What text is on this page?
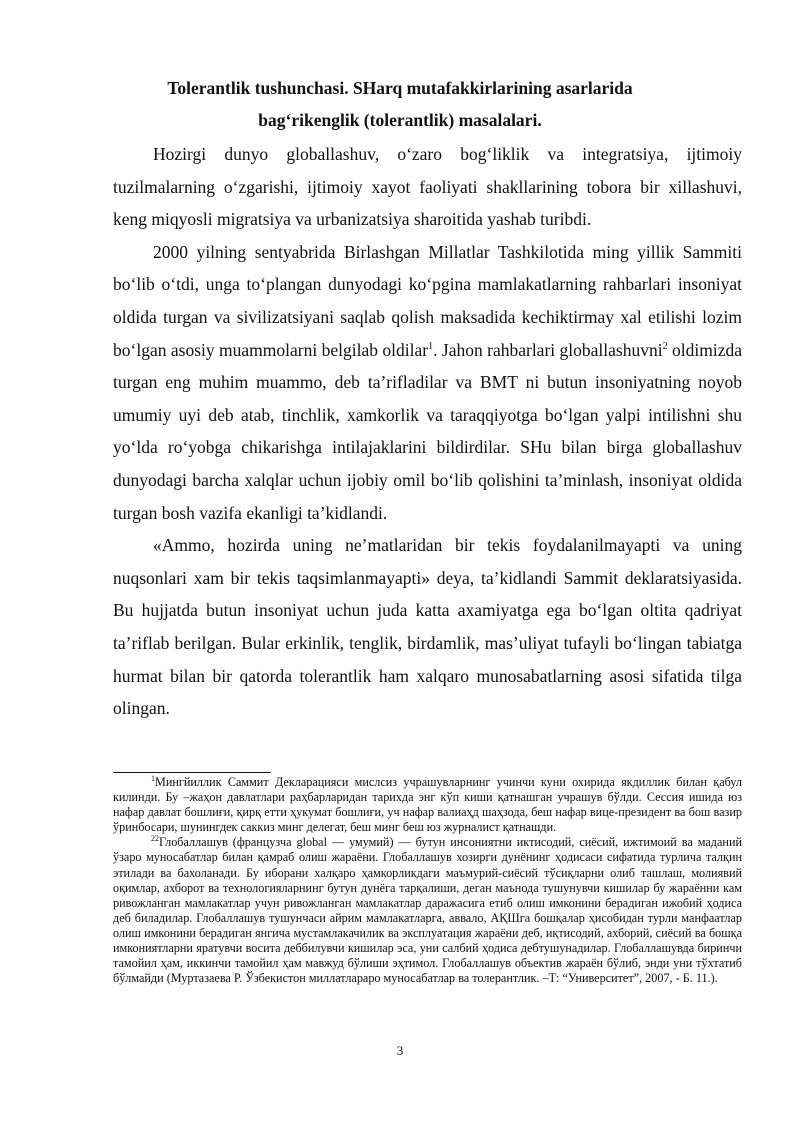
Tolerantlik tushunchasi. SHarq mutafakkirlarining asarlarida
bag‘rikenglik (tolerantlik) masalalari.

Hozirgi dunyo globallashuv, o‘zaro bog‘liklik va integratsiya, ijtimoiy tuzilmalarning o‘zgarishi, ijtimoiy xayot faoliyati shakllarining tobora bir xillashuvi, keng miqyosli migratsiya va urbanizatsiya sharoitida yashab turibdi.

2000 yilning sentyabrida Birlashgan Millatlar Tashkilotida ming yillik Sammiti bo‘lib o‘tdi, unga to‘plangan dunyodagi ko‘pgina mamlakatlarning rahbarlari insoniyat oldida turgan va sivilizatsiyani saqlab qolish maksadida kechiktirmay xal etilishi lozim bo‘lgan asosiy muammolarni belgilab oldilar$^1$. Jahon rahbarlari globallashuvni$^2$ oldimizda turgan eng muhim muammo, deb ta’rifladilar va BMT ni butun insoniyatning noyob umumiy uyi deb atab, tinchlik, xamkorlik va taraqqiyotga bo‘lgan yalpi intilishni shu yo‘lda ro‘yobga chikarishga intilajaklarini bildirdilar. SHu bilan birga globallashuv dunyodagi barcha xalqlar uchun ijobiy omil bo‘lib qolishini ta’minlash, insoniyat oldida turgan bosh vazifa ekanligi ta’kidlandi.

«Ammo, hozirda uning ne’matlaridan bir tekis foydalanilmayapti va uning nuqsonlari xam bir tekis taqsimlanmayapti» deya, ta’kidlandi Sammit deklaratsiyasida. Bu hujjatda butun insoniyat uchun juda katta axamiyatga ega bo‘lgan oltita qadriyat ta’riflab berilgan. Bular erkinlik, tenglik, birdamlik, mas’uliyat tufayli bo‘lingan tabiatga hurmat bilan bir qatorda tolerantlik ham xalqaro munosabatlarning asosi sifatida tilga olingan.

$^1$Мингйиллик Саммит Декларацияси мислсиз учрашувларнинг учинчи куни охирида якдиллик билан қабул килинди. Бу –жаҳон давлатлари раҳбарларидан тарихда энг кўп киши қатнашган учрашув бўлди. Сессия ишида юз нафар давлат бошлиғи, қирқ етти ҳукумат бошлиғи, уч нафар валиаҳд шаҳзода, беш нафар вице-президент ва бош вазир ўринбосари, шунингдек саккиз минг делегат, беш минг беш юз журналист қатнашди.

$^{22}$Глобаллашув (французча global — умумий) — бутун инсониятни иктисодий, сиёсий, ижтимоий ва маданий ўзаро муносабатлар билан қамраб олиш жараёни. Глобаллашув хозирги дунёнинг ҳодисаси сифатида турлича талқин этилади ва бахоланади. Бу иборани халқаро ҳамкорликдаги маъмурий-сиёсий тўсиқларни олиб ташлаш, молиявий оқимлар, ахборот ва технологияларнинг бутун дунёга тарқалиши, деган маънода тушунувчи кишилар бу жараённи кам ривожланган мамлакатлар учун ривожланган мамлакатлар даражасига етиб олиш имконини берадиган ижобий ҳодиса деб биладилар. Глобаллашув тушунчаси айрим мамлакатларга, аввало, АҚШга бошқалар ҳисобидан турли манфаатлар олиш имконини берадиган янгича мустамлакачилик ва эксплуатация жараёни деб, иқтисодий, ахборий, сиёсий ва бошқа имкониятларни яратувчи восита деббилувчи кишилар эса, уни салбий ҳодиса дебтушунадилар. Глобаллашувда биринчи тамойил ҳам, иккинчи тамойил ҳам мавжуд бўлиши эҳтимол. Глобаллашув объектив жараён бўлиб, энди уни тўхтатиб бўлмайди (Муртазаева Р. Ўзбекистон миллатлараро муносабатлар ва толерантлик. –Т: “Университет”, 2007, - Б. 11.).

3
